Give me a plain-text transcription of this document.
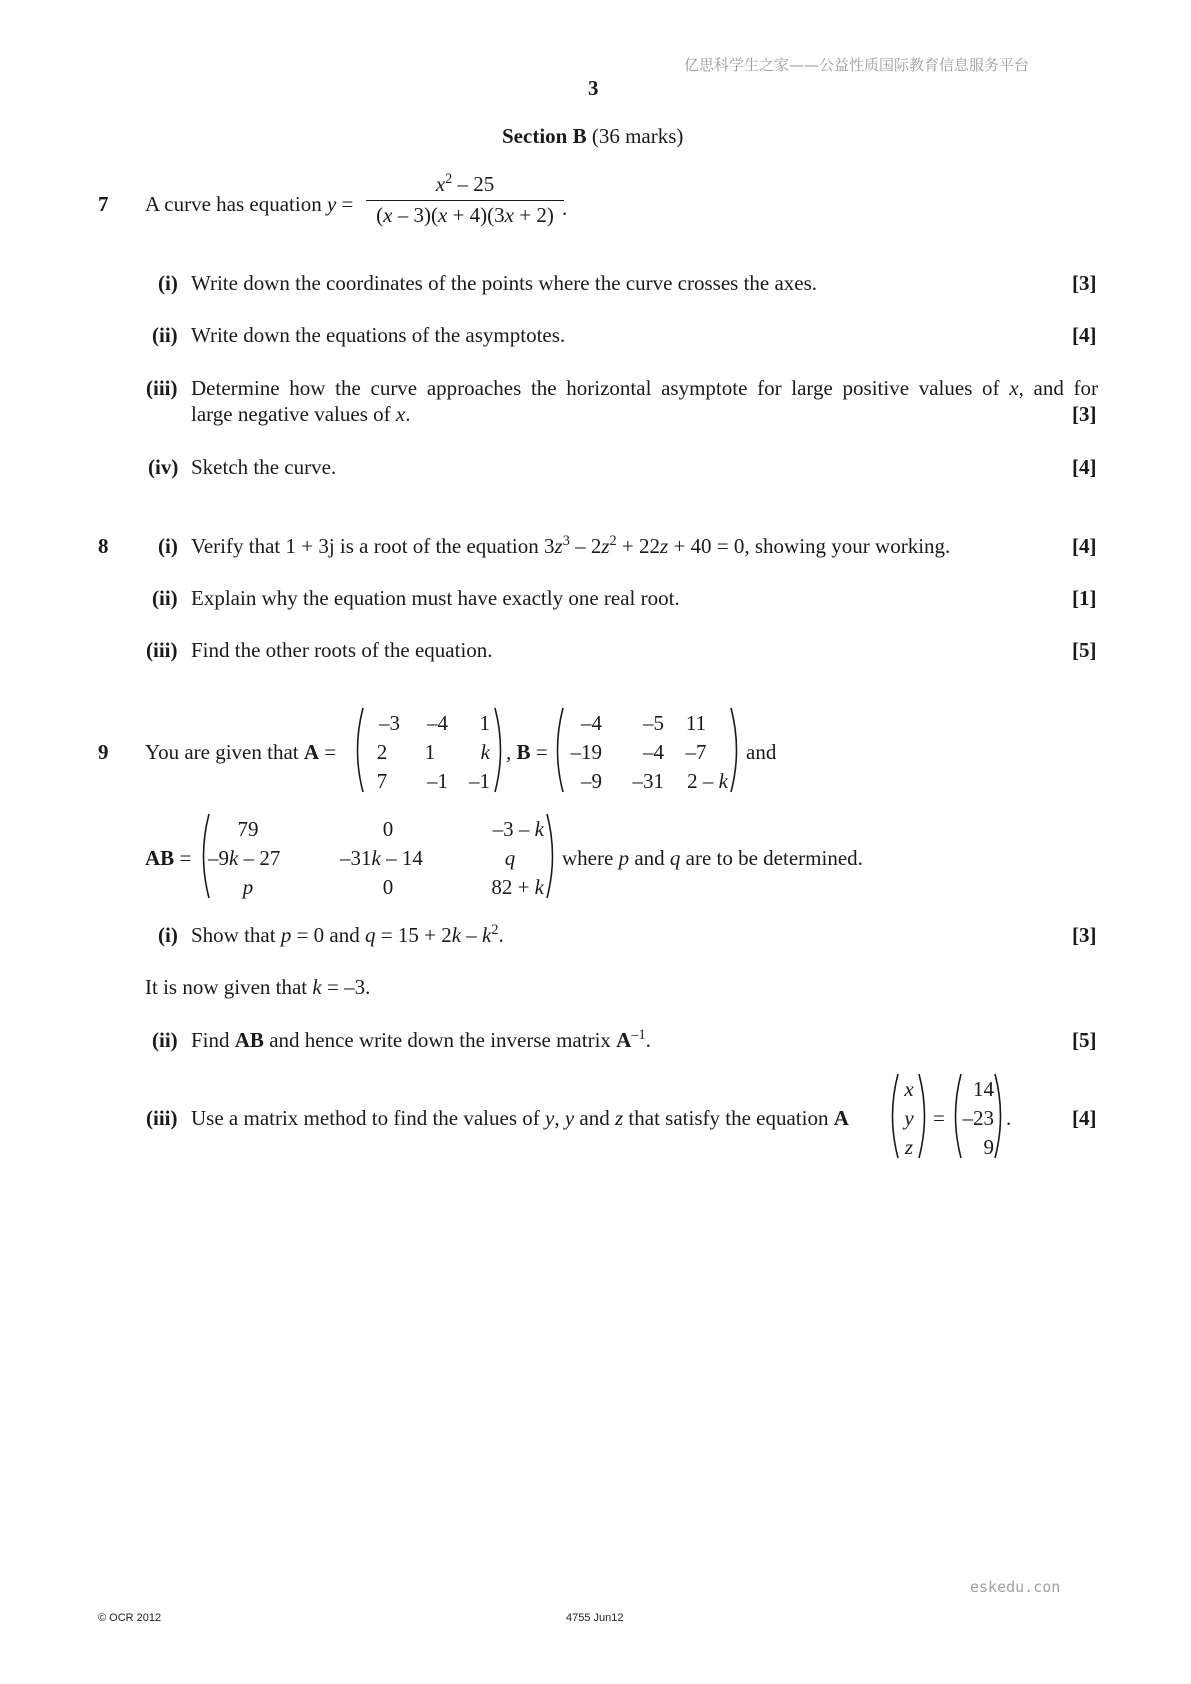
亿思科学生之家——公益性质国际教育信息服务平台
3
Section B (36 marks)
7 A curve has equation $y = \frac{x^2 - 25}{(x - 3)(x + 4)(3x + 2)}$
.
(i) Write down the coordinates of the points where the curve crosses the axes.	[3]
(ii) Write down the equations of the asymptotes.	[4]
(iii) Determine how the curve approaches the horizontal asymptote for large positive values of x, and for
large negative values of x.	[3]
(iv) Sketch the curve.	[4]
8 (i) Verify that 1 + 3j is a root of the equation $3z^3 - 2z^2 + 22z + 40 = 0$, showing your working.	[4]
(ii) Explain why the equation must have exactly one real root.	[1]
(iii) Find the other roots of the equation.	[5]
9 You are given that A =
–3	–4	1
2	1	k
7	–1	–1
, B =
–4	–5	11
–19	–4	–7
–9	–31	2 – k
and
AB =
79	0	–3 – k
–9k – 27	–31k – 14	q
p	0	82 + k
where p and q are to be determined.
(i) Show that p = 0 and $q = 15 + 2k - k^2$.	[3]
It is now given that k = –3.
(ii) Find AB and hence write down the inverse matrix $A^{-1}$.	[5]
(iii) Use a matrix method to find the values of y, y and z that satisfy the equation A
x
y
z
=
14
–23
9
.	[4]
eskedu.con
© OCR 2012	4755 Jun12
